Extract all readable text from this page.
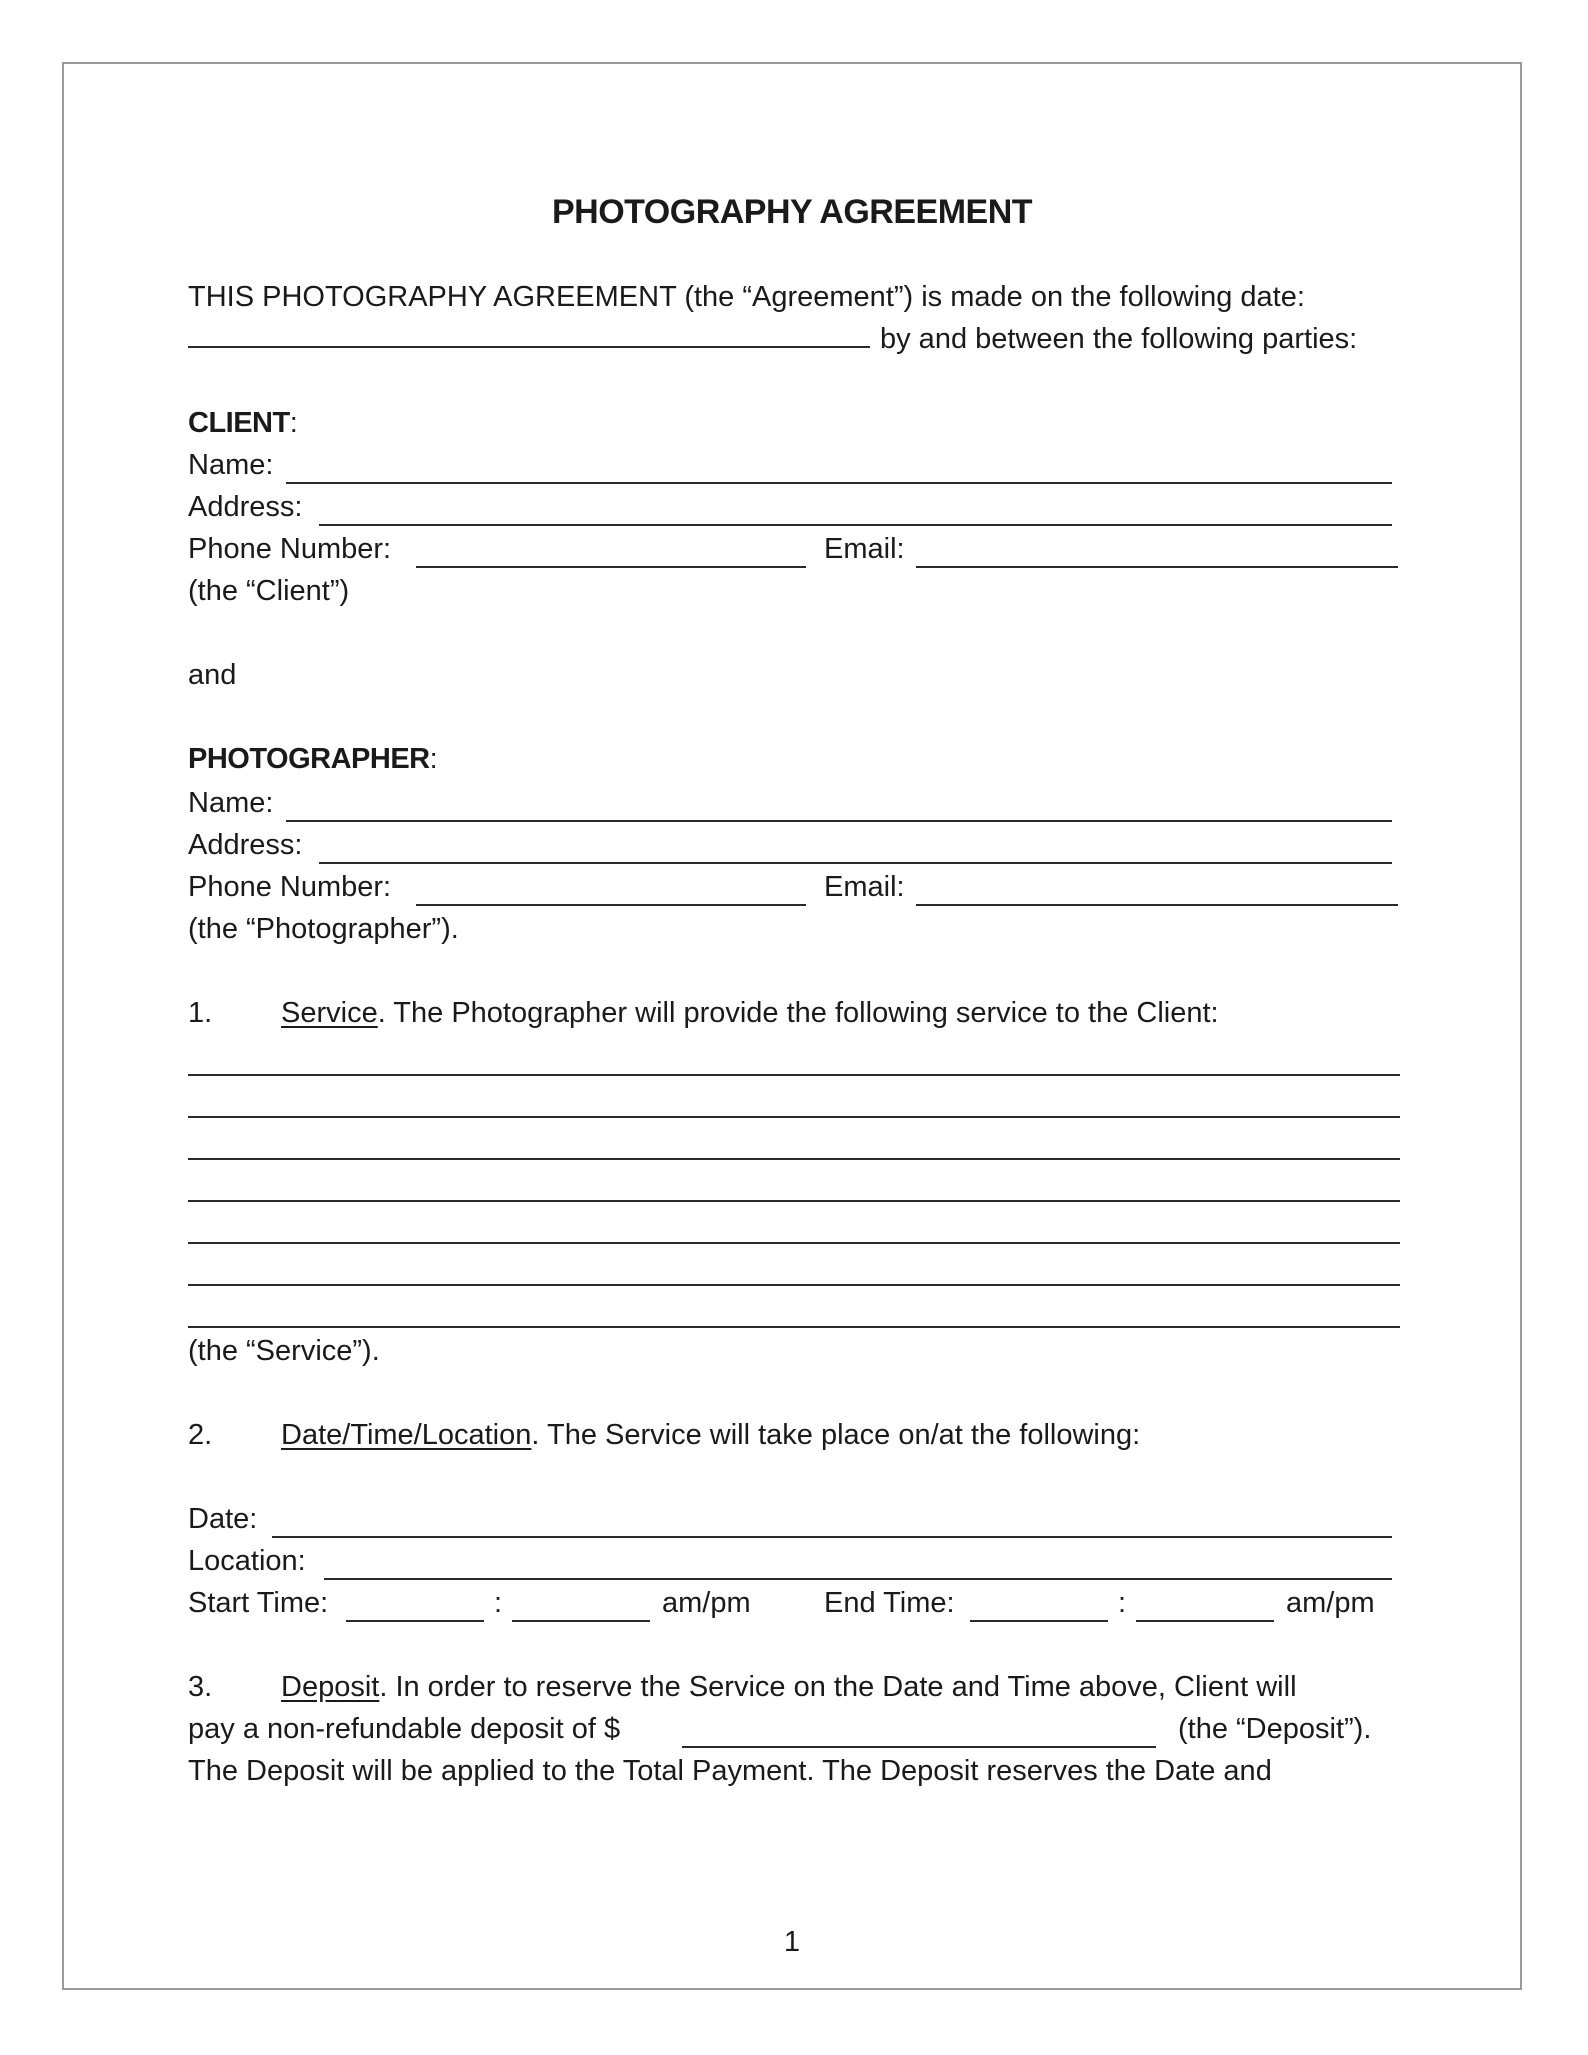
PHOTOGRAPHY AGREEMENT
THIS PHOTOGRAPHY AGREEMENT (the “Agreement”) is made on the following date:
by and between the following parties:
CLIENT:
Name:
Address:
Phone Number:	Email:
(the “Client”)
and
PHOTOGRAPHER:
Name:
Address:
Phone Number:	Email:
(the “Photographer”).
1. Service. The Photographer will provide the following service to the Client:
(the “Service”).
2. Date/Time/Location. The Service will take place on/at the following:
Date:
Location:
Start Time:	:	am/pm	End Time:	:	am/pm
3. Deposit. In order to reserve the Service on the Date and Time above, Client will
pay a non-refundable deposit of $	(the “Deposit”).
The Deposit will be applied to the Total Payment. The Deposit reserves the Date and
1
